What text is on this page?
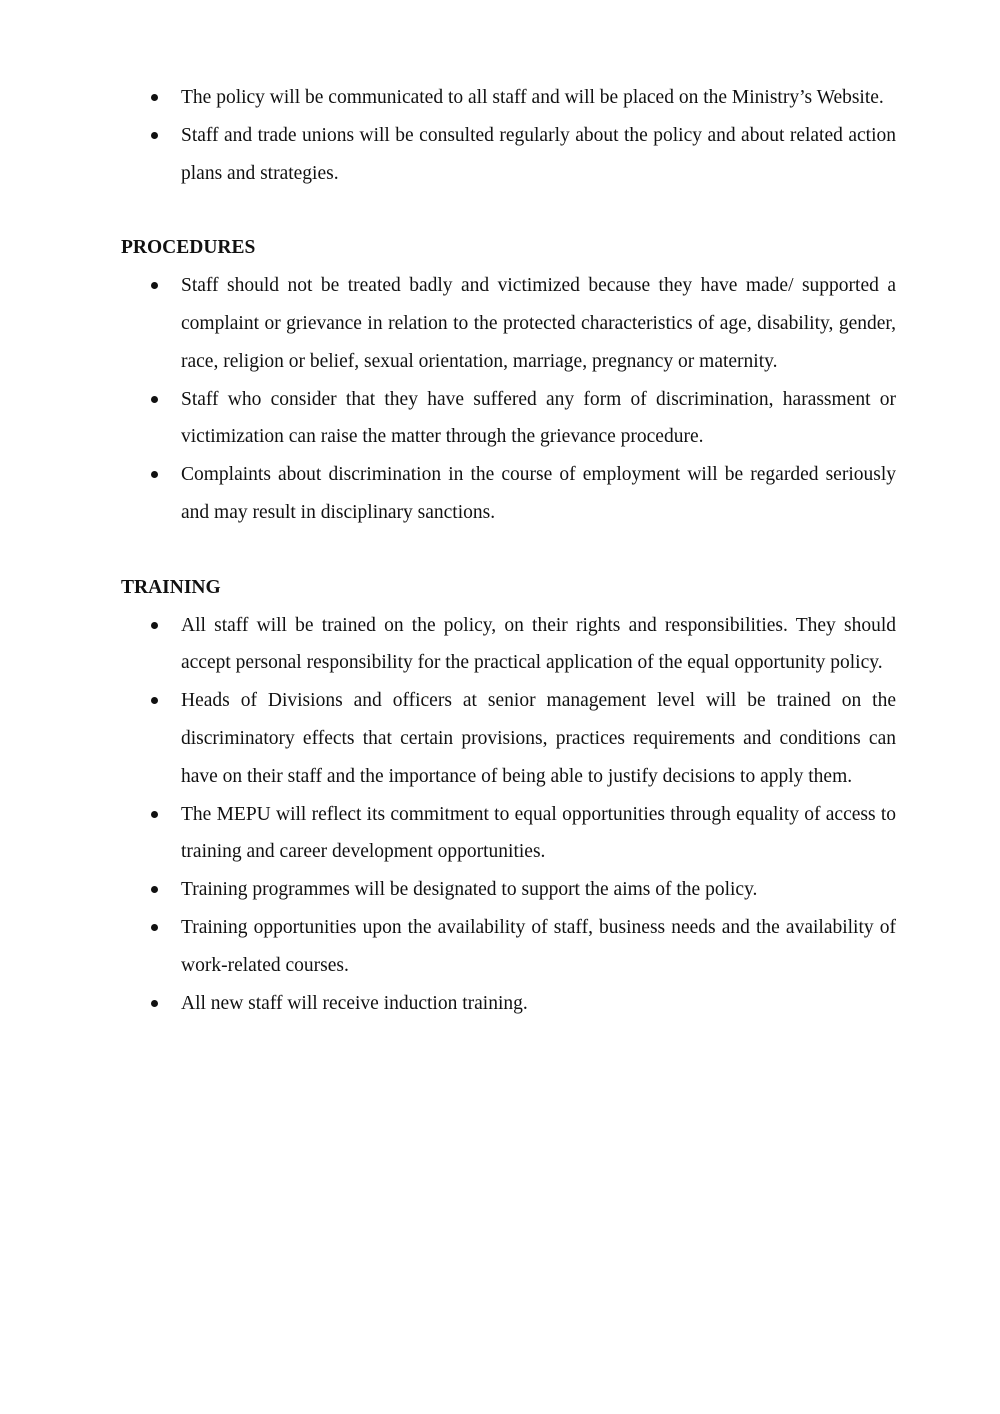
The policy will be communicated to all staff and will be placed on the Ministry’s Website.
Staff and trade unions will be consulted regularly about the policy and about related action plans and strategies.
PROCEDURES
Staff should not be treated badly and victimized because they have made/ supported a complaint or grievance in relation to the protected characteristics of age, disability, gender, race, religion or belief, sexual orientation, marriage, pregnancy or maternity.
Staff who consider that they have suffered any form of discrimination, harassment or victimization can raise the matter through the grievance procedure.
Complaints about discrimination in the course of employment will be regarded seriously and may result in disciplinary sanctions.
TRAINING
All staff will be trained on the policy, on their rights and responsibilities. They should accept personal responsibility for the practical application of the equal opportunity policy.
Heads of Divisions and officers at senior management level will be trained on the discriminatory effects that certain provisions, practices requirements and conditions can have on their staff and the importance of being able to justify decisions to apply them.
The MEPU will reflect its commitment to equal opportunities through equality of access to training and career development opportunities.
Training programmes will be designated to support the aims of the policy.
Training opportunities upon the availability of staff, business needs and the availability of work-related courses.
All new staff will receive induction training.
